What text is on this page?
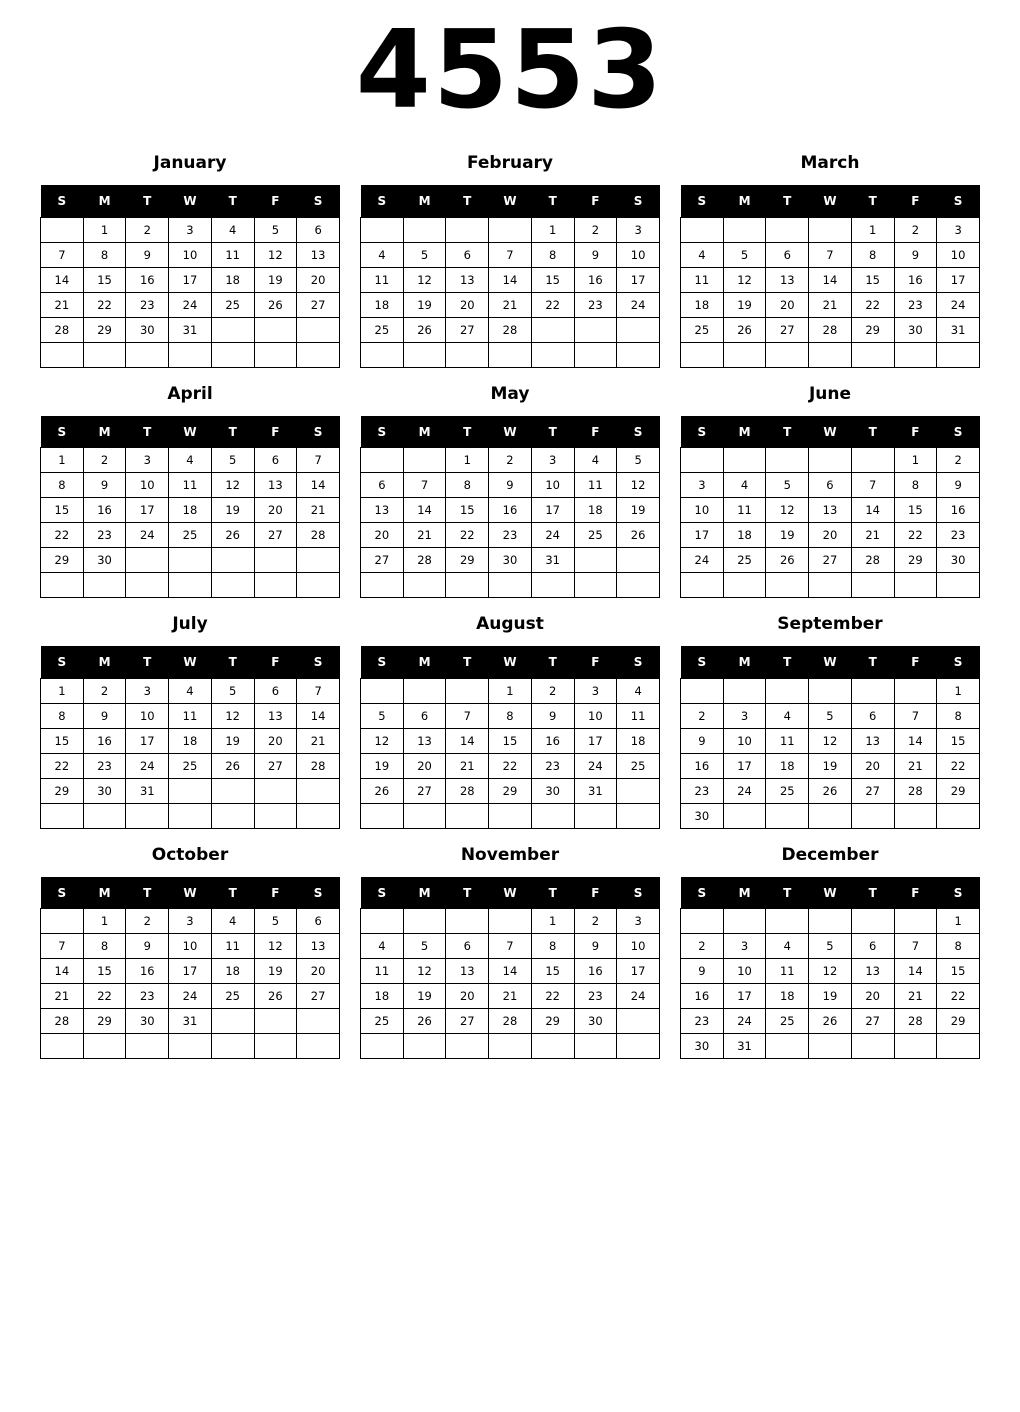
4553
January
S	M	T	W	T	F	S
	1	2	3	4	5	6
7	8	9	10	11	12	13
14	15	16	17	18	19	20
21	22	23	24	25	26	27
28	29	30	31			

February
S	M	T	W	T	F	S
				1	2	3
4	5	6	7	8	9	10
11	12	13	14	15	16	17
18	19	20	21	22	23	24
25	26	27	28			

March
S	M	T	W	T	F	S
				1	2	3
4	5	6	7	8	9	10
11	12	13	14	15	16	17
18	19	20	21	22	23	24
25	26	27	28	29	30	31

April
S	M	T	W	T	F	S
1	2	3	4	5	6	7
8	9	10	11	12	13	14
15	16	17	18	19	20	21
22	23	24	25	26	27	28
29	30					

May
S	M	T	W	T	F	S
		1	2	3	4	5
6	7	8	9	10	11	12
13	14	15	16	17	18	19
20	21	22	23	24	25	26
27	28	29	30	31		

June
S	M	T	W	T	F	S
					1	2
3	4	5	6	7	8	9
10	11	12	13	14	15	16
17	18	19	20	21	22	23
24	25	26	27	28	29	30

July
S	M	T	W	T	F	S
1	2	3	4	5	6	7
8	9	10	11	12	13	14
15	16	17	18	19	20	21
22	23	24	25	26	27	28
29	30	31				

August
S	M	T	W	T	F	S
			1	2	3	4
5	6	7	8	9	10	11
12	13	14	15	16	17	18
19	20	21	22	23	24	25
26	27	28	29	30	31	

September
S	M	T	W	T	F	S
						1
2	3	4	5	6	7	8
9	10	11	12	13	14	15
16	17	18	19	20	21	22
23	24	25	26	27	28	29
30						
October
S	M	T	W	T	F	S
	1	2	3	4	5	6
7	8	9	10	11	12	13
14	15	16	17	18	19	20
21	22	23	24	25	26	27
28	29	30	31			

November
S	M	T	W	T	F	S
				1	2	3
4	5	6	7	8	9	10
11	12	13	14	15	16	17
18	19	20	21	22	23	24
25	26	27	28	29	30	

December
S	M	T	W	T	F	S
						1
2	3	4	5	6	7	8
9	10	11	12	13	14	15
16	17	18	19	20	21	22
23	24	25	26	27	28	29
30	31					
